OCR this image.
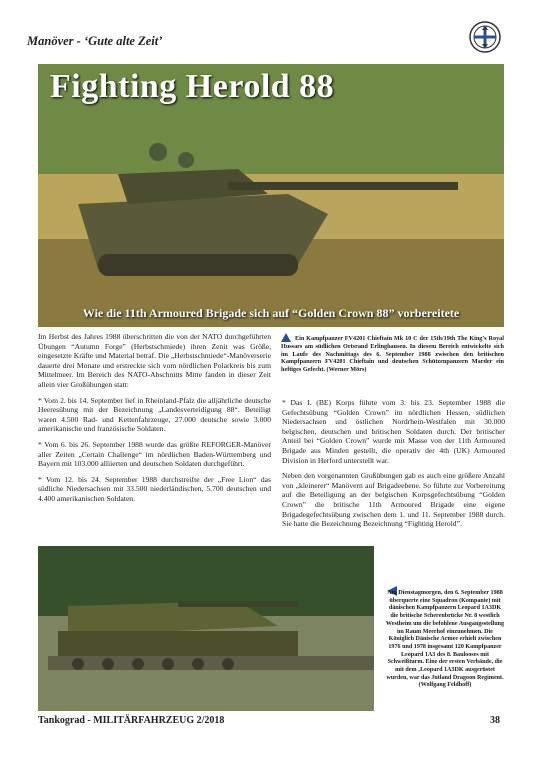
Manöver - ‘Gute alte Zeit’
Fighting Herold 88
Wie die 11th Armoured Brigade sich auf “Golden Crown 88” vorbereitete
Ein Kampfpanzer FV4201 Chieftain Mk 10 C der 15th/19th The King’s Royal Hussars am südlichen Ortsrand Erlinghausen. In diesem Bereich entwickelte sich im Laufe des Nachmittags des 6. September 1988 zwischen den britischen Kampfpanzern FV4201 Chieftain und deutschen Schützenpanzern Marder ein heftiges Gefecht. (Werner Mörs)

Im Herbst des Jahres 1988 überschritten die von der NATO durchgeführten Übungen “Autumn Forge” (Herbstschmiede) ihren Zenit was Größe, eingesetzte Kräfte und Material betraf. Die „Herbstschmiede“-Manöverserie dauerte drei Monate und erstreckte sich vom nördlichen Polarkreis bis zum Mittelmeer. Im Bereich des NATO-Abschnitts Mitte fanden in dieser Zeit allein vier Großübungen statt:

* Vom 2. bis 14. September lief in Rheinland-Pfalz die alljährliche deutsche Heeresübung mit der Bezeichnung „Landesverteidigung 88“. Beteiligt waren 4.500 Rad- und Kettenfahrzeuge, 27.000 deutsche sowie 3.000 amerikanische und französische Soldaten.

* Vom 6. bis 26. September 1988 wurde das größte REFORGER-Manöver aller Zeiten „Certain Challenge“ im nördlichen Baden-Württemberg und Bayern mit 103.000 alliierten und deutschen Soldaten durchgeführt.

* Vom 12. bis 24. September 1988 durchstreifte der „Free Lion“ das südliche Niedersachsen mit 33.500 niederländischen, 5.700 deutschen und 4.400 amerikanischen Soldaten.

* Das I. (BE) Korps führte vom 3. bis 23. September 1988 die Gefechtsübung “Golden Crown” im nördlichen Hessen, südlichen Niedersachsen und östlichen Nordrhein-Westfalen mit 30.000 belgischen, deutschen und britischen Soldaten durch. Der britischer Anteil bei “Golden Crown” wurde mit Masse von der 11th Armoured Brigade aus Minden gestellt, die operativ der 4th (UK) Armoured Division in Herford unterstellt war.

Neben den vorgenannten Großübungen gab es auch eine größere Anzahl von „kleinerer“ Manövern auf Brigadeebene. So führte zur Vorbereitung auf die Beteiligung an der belgischen Korpsgefechtsübung “Golden Crown” die britische 11th Armoured Brigade eine eigene Brigadegefechtsübung zwischen dem 1. und 11. September 1988 durch. Sie hatte die Bezeichnung Bezeichnung “Fighting Herold”.

Am Dienstagmorgen, den 6. September 1988 überquerte eine Squadron (Kompanie) mit dänischen Kampfpanzern Leopard 1A3DK die britische Scherenbrücke Nr. 8 westlich Westheim um die befohlene Ausgangsstellung im Raum Meerhof einzunehmen. Die Königlich Dänische Armee erhielt zwischen 1976 und 1978 insgesamt 120 Kampfpanzer Leopard 1A3 des 8. Baulooses mit Schweißturm. Eine der ersten Verbände, die mit dem ‚Leopard 1A3DK ausgerüstet wurden, war das Jutland Dragoon Regiment. (Wolfgang Feldhoff)
Tankograd - MILITÄRFAHRZEUG 2/2018	38
